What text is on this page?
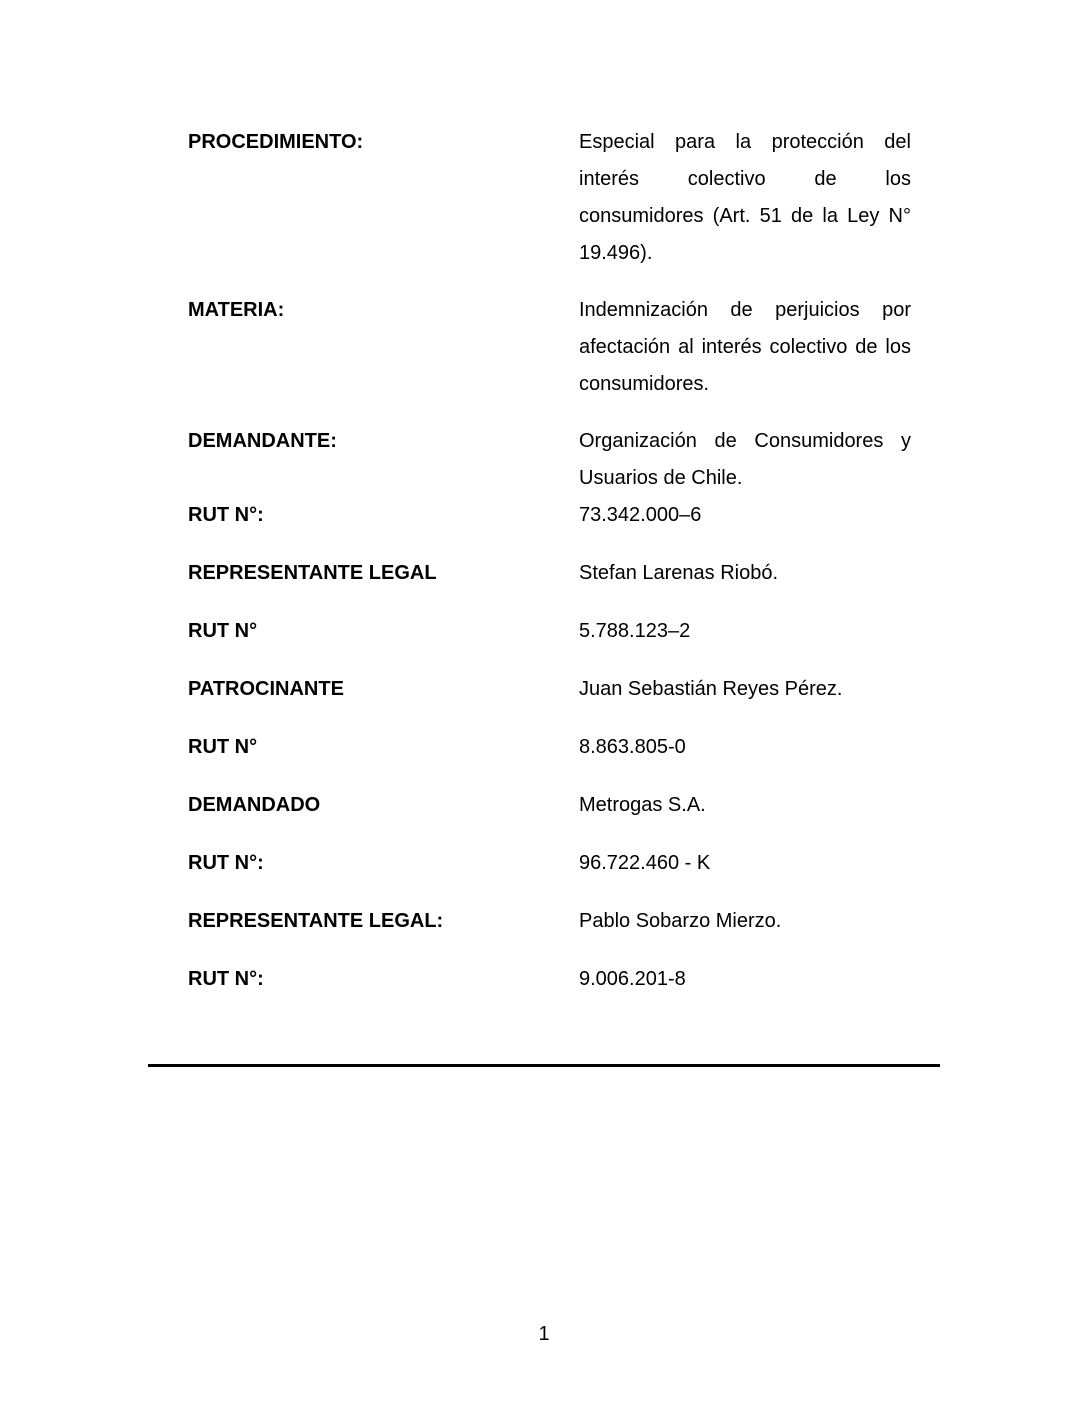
PROCEDIMIENTO:	Especial para la protección del interés colectivo de los consumidores (Art. 51 de la Ley N° 19.496).
MATERIA:	Indemnización de perjuicios por afectación al interés colectivo de los consumidores.
DEMANDANTE:	Organización de Consumidores y Usuarios de Chile.
RUT N°:	73.342.000–6
REPRESENTANTE LEGAL	Stefan Larenas Riobó.
RUT N°	5.788.123–2
PATROCINANTE	Juan Sebastián Reyes Pérez.
RUT N°	8.863.805-0
DEMANDADO	Metrogas S.A.
RUT N°:	96.722.460 - K
REPRESENTANTE LEGAL:	Pablo Sobarzo Mierzo.
RUT N°:	9.006.201-8
1
